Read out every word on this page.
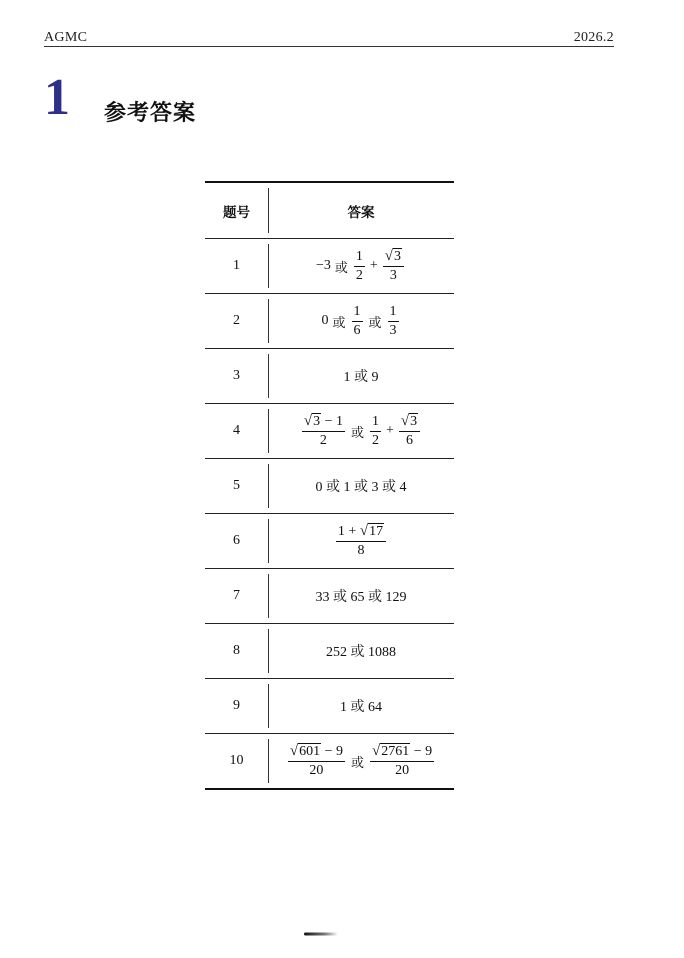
AGMC	2026.2
1 参考答案
题号	答案
1	−3 或 $\frac{1}{2} + \frac{√ 3}{3}$
2	0 或 $\frac{1}{6}$ 或 $\frac{1}{3}$
3	1 或 9
4	$\frac{√ 3 - 1}{2}$ 或 $\frac{1}{2} + \frac{√ 3}{6}$
5	0 或 1 或 3 或 4
6	$\frac{1 + √ 17}{8}$
7	33 或 65 或 129
8	252 或 1088
9	1 或 64
10	$\frac{√ 601 - 9}{20}$ 或 $\frac{√ 2761 - 9}{20}$
